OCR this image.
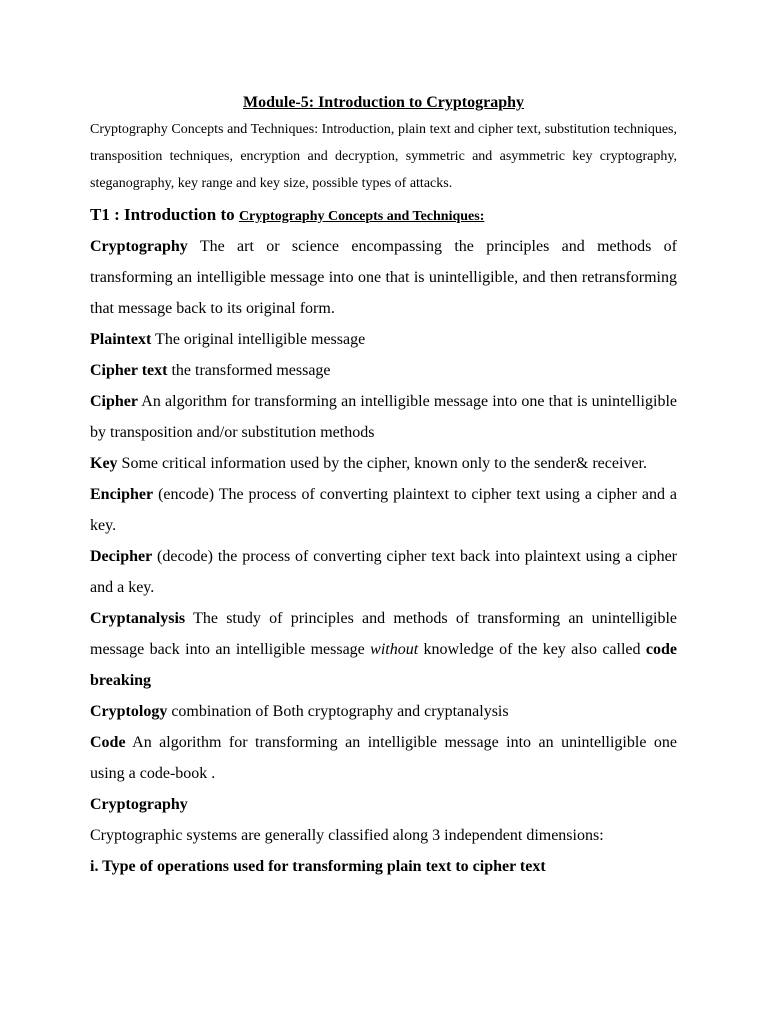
Module-5: Introduction to Cryptography

Cryptography Concepts and Techniques: Introduction, plain text and cipher text, substitution techniques, transposition techniques, encryption and decryption, symmetric and asymmetric key cryptography, steganography, key range and key size, possible types of attacks.

T1 : Introduction to Cryptography Concepts and Techniques:

Cryptography The art or science encompassing the principles and methods of transforming an intelligible message into one that is unintelligible, and then retransforming that message back to its original form.

Plaintext The original intelligible message

Cipher text the transformed message

Cipher An algorithm for transforming an intelligible message into one that is unintelligible by transposition and/or substitution methods

Key Some critical information used by the cipher, known only to the sender& receiver.

Encipher (encode) The process of converting plaintext to cipher text using a cipher and a key.

Decipher (decode) the process of converting cipher text back into plaintext using a cipher and a key.

Cryptanalysis The study of principles and methods of transforming an unintelligible message back into an intelligible message without knowledge of the key also called code breaking

Cryptology combination of Both cryptography and cryptanalysis

Code An algorithm for transforming an intelligible message into an unintelligible one using a code-book .

Cryptography

Cryptographic systems are generally classified along 3 independent dimensions:

i. Type of operations used for transforming plain text to cipher text
